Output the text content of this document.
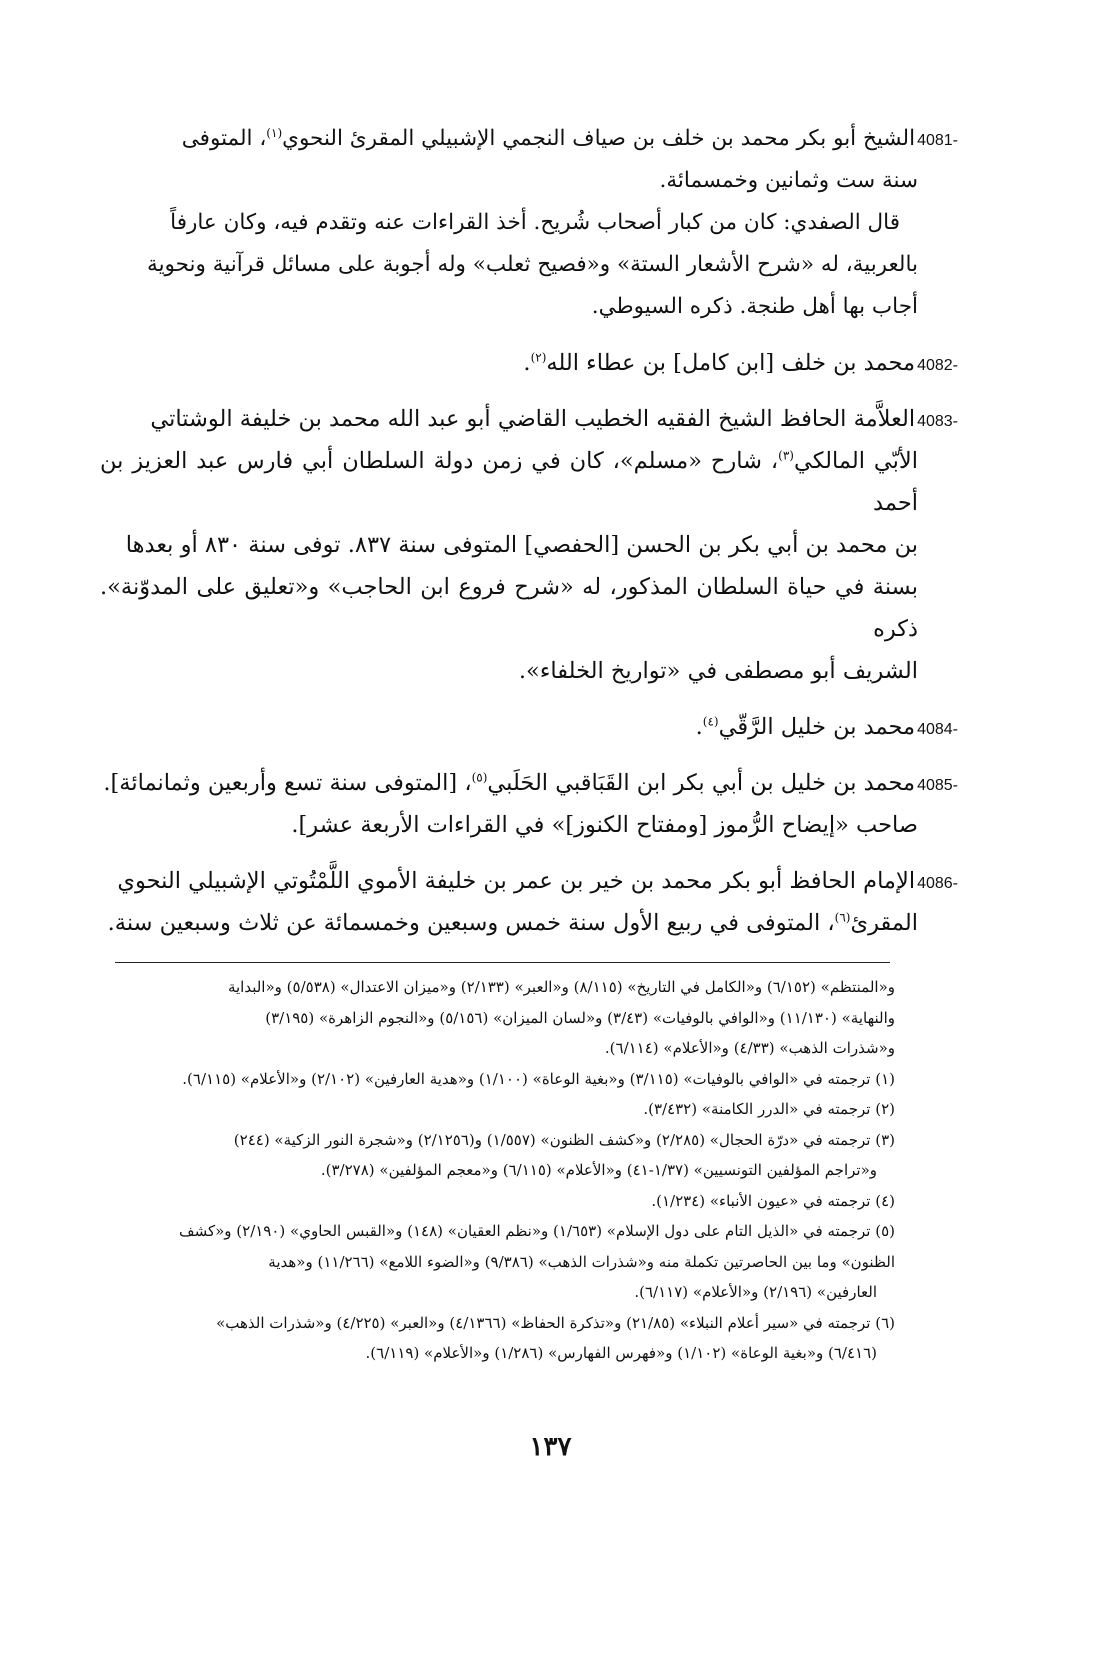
4081-
الشيخ أبو بكر محمد بن خلف بن صياف النجمي الإشبيلي المقرئ النحوي$^{(١)}$، المتوفى
سنة ست وثمانين وخمسمائة.
قال الصفدي: كان من كبار أصحاب شُريح. أخذ القراءات عنه وتقدم فيه، وكان عارفاً
بالعربية، له «شرح الأشعار الستة» و«فصيح ثعلب» وله أجوبة على مسائل قرآنية ونحوية
أجاب بها أهل طنجة. ذكره السيوطي.
4082-
محمد بن خلف [ابن كامل] بن عطاء الله$^{(٢)}$.
4083-
العلاَّمة الحافظ الشيخ الفقيه الخطيب القاضي أبو عبد الله محمد بن خليفة الوشتاتي
الأبّي المالكي$^{(٣)}$، شارح «مسلم»، كان في زمن دولة السلطان أبي فارس عبد العزيز بن أحمد
بن محمد بن أبي بكر بن الحسن [الحفصي] المتوفى سنة ٨٣٧. توفى سنة ٨٣٠ أو بعدها
بسنة في حياة السلطان المذكور، له «شرح فروع ابن الحاجب» و«تعليق على المدوّنة». ذكره
الشريف أبو مصطفى في «تواريخ الخلفاء».
4084-
محمد بن خليل الرَّقّي$^{(٤)}$.
4085-
محمد بن خليل بن أبي بكر ابن القَبَاقبي الحَلَبي$^{(٥)}$، [المتوفى سنة تسع وأربعين وثمانمائة].
صاحب «إيضاح الرُّموز [ومفتاح الكنوز]» في القراءات الأربعة عشر].
4086-
الإمام الحافظ أبو بكر محمد بن خير بن عمر بن خليفة الأموي اللَّمْتُوتي الإشبيلي النحوي
المقرئ$^{(٦)}$، المتوفى في ربيع الأول سنة خمس وسبعين وخمسمائة عن ثلاث وسبعين سنة.

و«المنتظم» (٦/١٥٢) و«الكامل في التاريخ» (٨/١١٥) و«العبر» (٢/١٣٣) و«ميزان الاعتدال» (٥/٥٣٨) و«البداية

والنهاية» (١١/١٣٠) و«الوافي بالوفيات» (٣/٤٣) و«لسان الميزان» (٥/١٥٦) و«النجوم الزاهرة» (٣/١٩٥)

و«شذرات الذهب» (٤/٣٣) و«الأعلام» (٦/١١٤).

(١) ترجمته في «الوافي بالوفيات» (٣/١١٥) و«بغية الوعاة» (١/١٠٠) و«هدية العارفين» (٢/١٠٢) و«الأعلام» (٦/١١٥).

(٢) ترجمته في «الدرر الكامنة» (٣/٤٣٢).

(٣) ترجمته في «درّة الحجال» (٢/٢٨٥) و«كشف الظنون» (١/٥٥٧) و(٢/١٢٥٦) و«شجرة النور الزكية» (٢٤٤)

و«تراجم المؤلفين التونسيين» (١/٣٧-٤١) و«الأعلام» (٦/١١٥) و«معجم المؤلفين» (٣/٢٧٨).

(٤) ترجمته في «عيون الأنباء» (١/٢٣٤).

(٥) ترجمته في «الذيل التام على دول الإسلام» (١/٦٥٣) و«نظم العقيان» (١٤٨) و«القبس الحاوي» (٢/١٩٠) و«كشف

الظنون» وما بين الحاصرتين تكملة منه و«شذرات الذهب» (٩/٣٨٦) و«الضوء اللامع» (١١/٢٦٦) و«هدية

العارفين» (٢/١٩٦) و«الأعلام» (٦/١١٧).

(٦) ترجمته في «سير أعلام النبلاء» (٢١/٨٥) و«تذكرة الحفاظ» (٤/١٣٦٦) و«العبر» (٤/٢٢٥) و«شذرات الذهب»

(٦/٤١٦) و«بغية الوعاة» (١/١٠٢) و«فهرس الفهارس» (١/٢٨٦) و«الأعلام» (٦/١١٩).

١٣٧
